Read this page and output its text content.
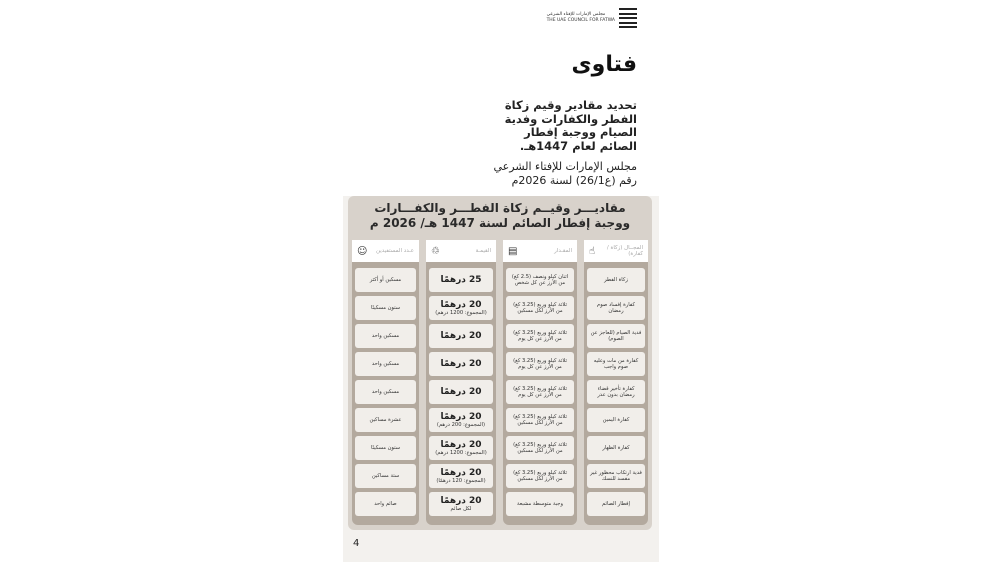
مجلس الإمارات للإفتاء الشرعي
THE UAE COUNCIL FOR FATWA
فتاوى
تحديد مقادير وقيم زكاة الفطر والكفارات وفدية الصيام ووجبة إفطار الصائم لعام 1447هـ.
مجلس الإمارات للإفتاء الشرعي
رقم (ع26/1) لسنة 2026م
مقاديـــر وقيــم زكاة الفطـــر والكفـــارات
ووجبة إفطار الصائم لسنة 1447 هـ/ 2026 م
المجــال (زكاة / كفارة)
☝
زكاة الفطر
كفارة إفساد صوم رمضان
فدية الصيام (للعاجز عن الصوم)
كفارة من مات وعليه صوم واجب
كفارة تأخير قضاء رمضان بدون عذر
كفارة اليمين
كفارة الظهار
فدية ارتكاب محظور غير مفسد للنسك
إفطار الصائم
المقـدار
▤
اثنان كيلو ونصف (2.5 كغ) من الأرز عن كل شخص
ثلاثة كيلو وربع (3.25 كغ) من الأرز لكل مسكين
ثلاثة كيلو وربع (3.25 كغ) من الأرز عن كل يوم
ثلاثة كيلو وربع (3.25 كغ) من الأرز عن كل يوم
ثلاثة كيلو وربع (3.25 كغ) من الأرز عن كل يوم
ثلاثة كيلو وربع (3.25 كغ) من الأرز لكل مسكين
ثلاثة كيلو وربع (3.25 كغ) من الأرز لكل مسكين
ثلاثة كيلو وربع (3.25 كغ) من الأرز لكل مسكين
وجبة متوسطة مشبعة
القيمـة
♲
25 درهمًا
20 درهمًا
(المجموع: 1200 درهم)
20 درهمًا
20 درهمًا
20 درهمًا
20 درهمًا
(المجموع: 200 درهم)
20 درهمًا
(المجموع: 1200 درهم)
20 درهمًا
(المجموع: 120 درهمًا)
20 درهمًا
لكل صائم
عـدد المستفيدين
☺
مسكين أو أكثر
ستون مسكينًا
مسكين واحد
مسكين واحد
مسكين واحد
عشرة مساكين
ستون مسكينًا
ستة مساكين
صائم واحد
4
